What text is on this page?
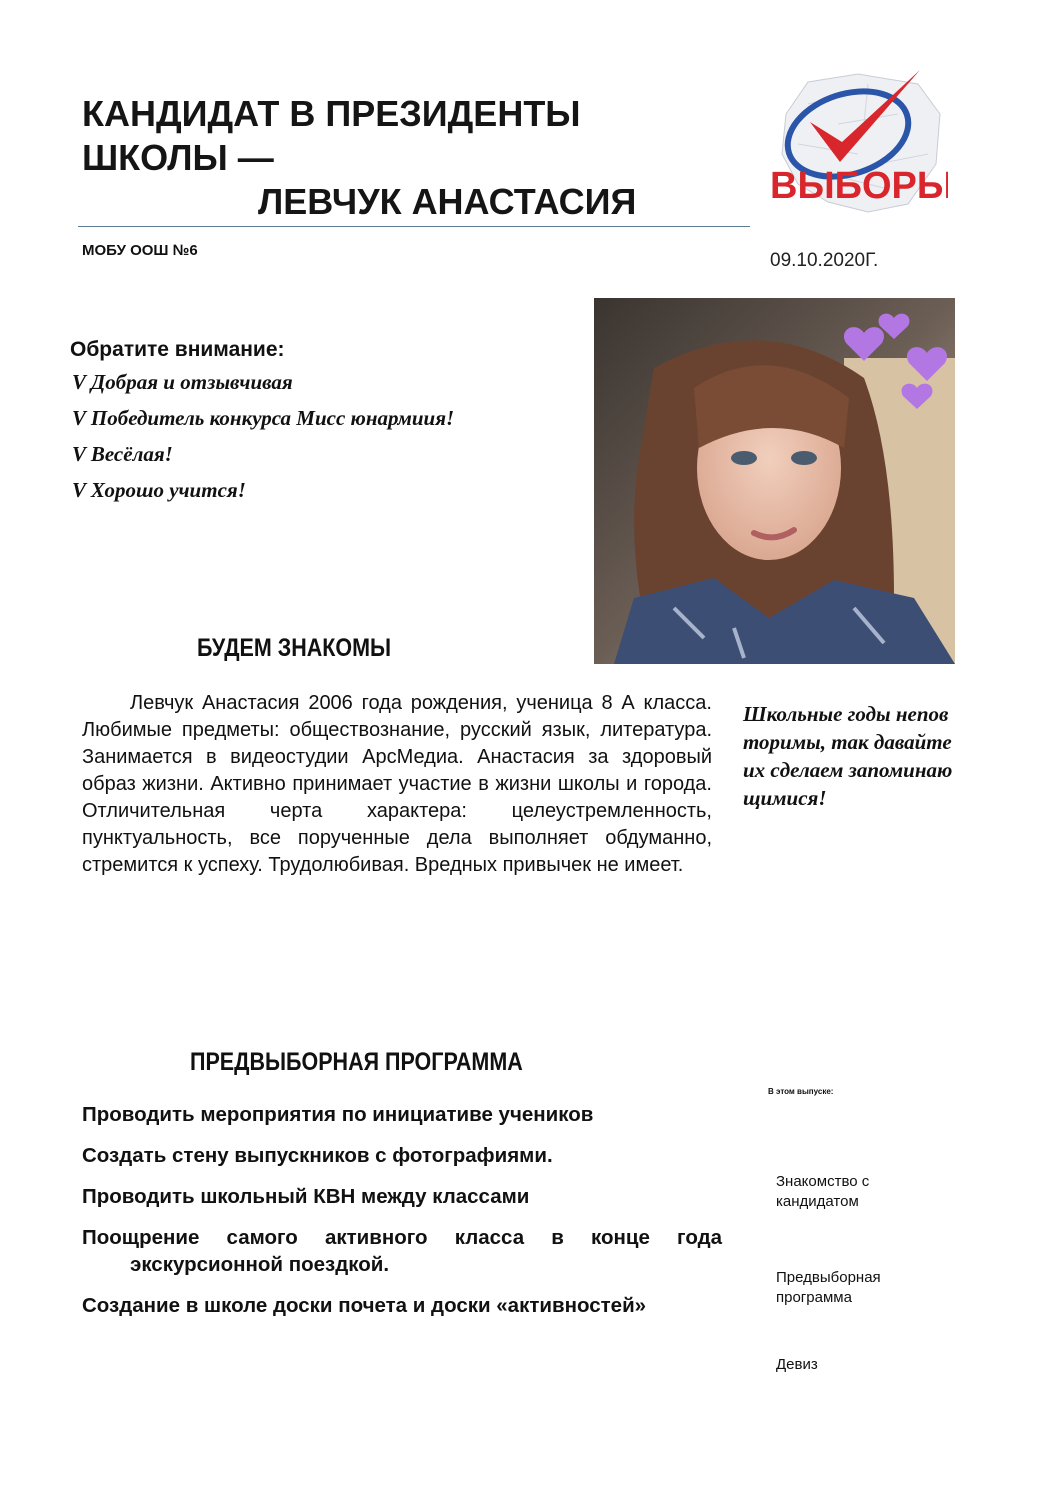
КАНДИДАТ В ПРЕЗИДЕНТЫ
ШКОЛЫ —

ЛЕВЧУК АНАСТАСИЯ
МОБУ ООШ №6	09.10.2020Г.
ВЫБОРЫ
Обратите внимание:
V Добрая и отзывчивая
V Победитель конкурса Мисс юнармиия!
V Весёлая!
V Хорошо учится!
БУДЕМ ЗНАКОМЫ

Левчук Анастасия 2006 года рождения, ученица 8 А класса. Любимые предметы: обществознание, русский язык, литература. Занимается в видеостудии АрсМедиа. Анастасия за здоровый образ жизни. Активно принимает участие в жизни школы и города. Отличительная черта характера: целеустремленность, пунктуальность, все порученные дела выполняет обдуманно, стремится к успеху. Трудолюбивая. Вредных привычек не имеет.

Школьные годы неповторимы, так давайте их сделаем запоминающимися!

ПРЕДВЫБОРНАЯ ПРОГРАММА
Проводить мероприятия по инициативе учеников
Создать стену выпускников с фотографиями.
Проводить школьный КВН между классами
Поощрение самого активного класса в конце года экскурсионной поездкой.
Создание в школе доски почета и доски «активностей»
В этом выпуске:
Знакомство с кандидатом
Предвыборная программа
Девиз
